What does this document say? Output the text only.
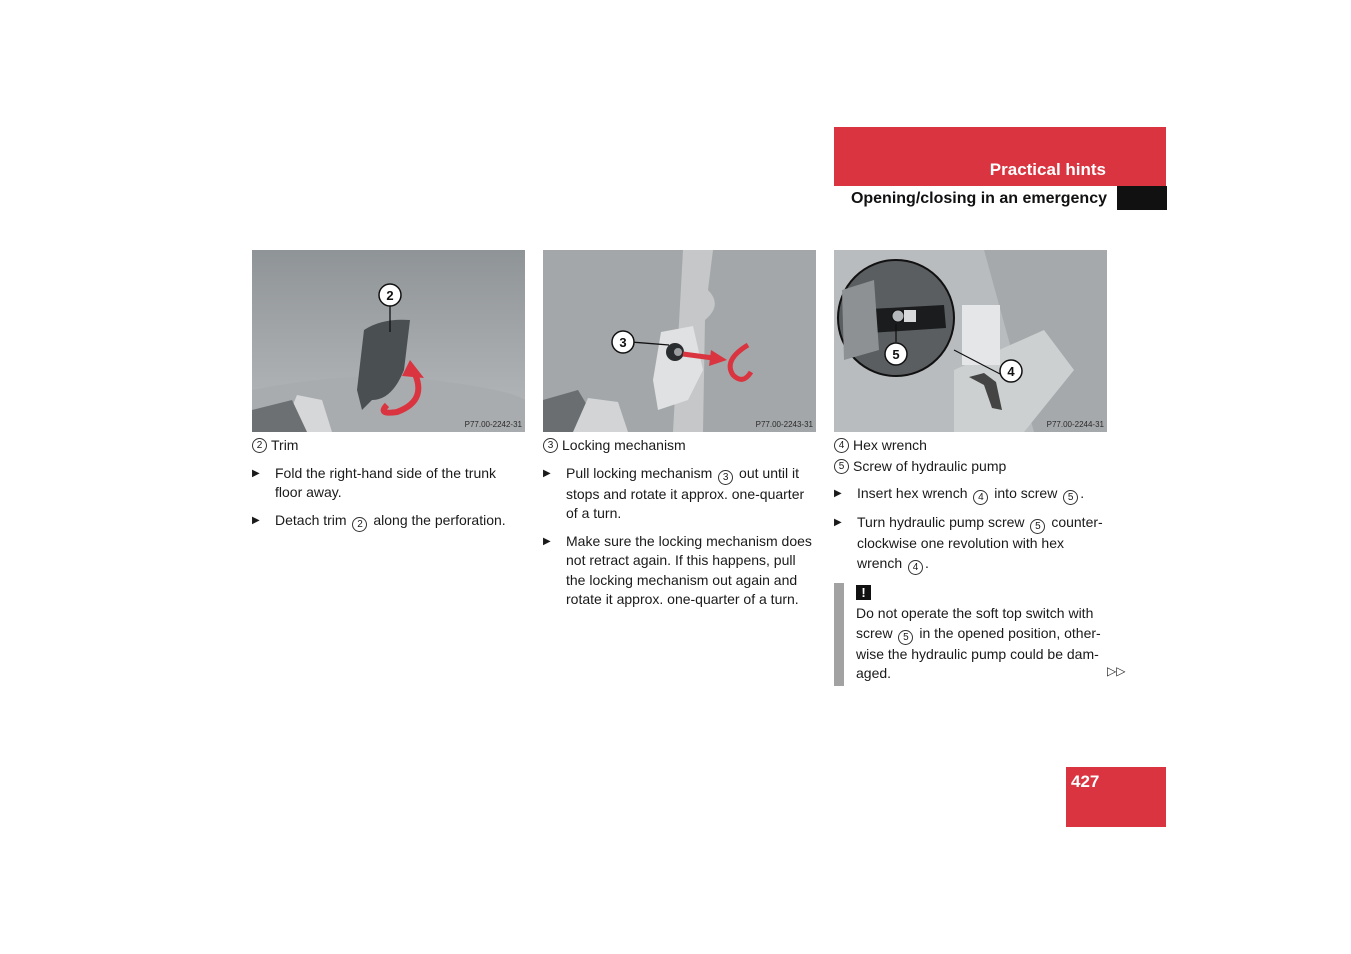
Practical hints
Opening/closing in an emergency
2
P77.00-2242-31
3
P77.00-2243-31
5
4
P77.00-2244-31
2 Trim
▶ Fold the right-hand side of the trunk floor away.
▶ Detach trim 2 along the perforation.
3 Locking mechanism
▶ Pull locking mechanism 3 out until it stops and rotate it approx. one-quarter of a turn.
▶ Make sure the locking mechanism does not retract again. If this happens, pull the locking mechanism out again and rotate it approx. one-quarter of a turn.
4 Hex wrench
5 Screw of hydraulic pump
▶ Insert hex wrench 4 into screw 5 .
▶ Turn hydraulic pump screw 5 counter-clockwise one revolution with hex wrench 4 .
!
Do not operate the soft top switch with screw 5 in the opened position, other-wise the hydraulic pump could be dam-aged.	▷▷
427
